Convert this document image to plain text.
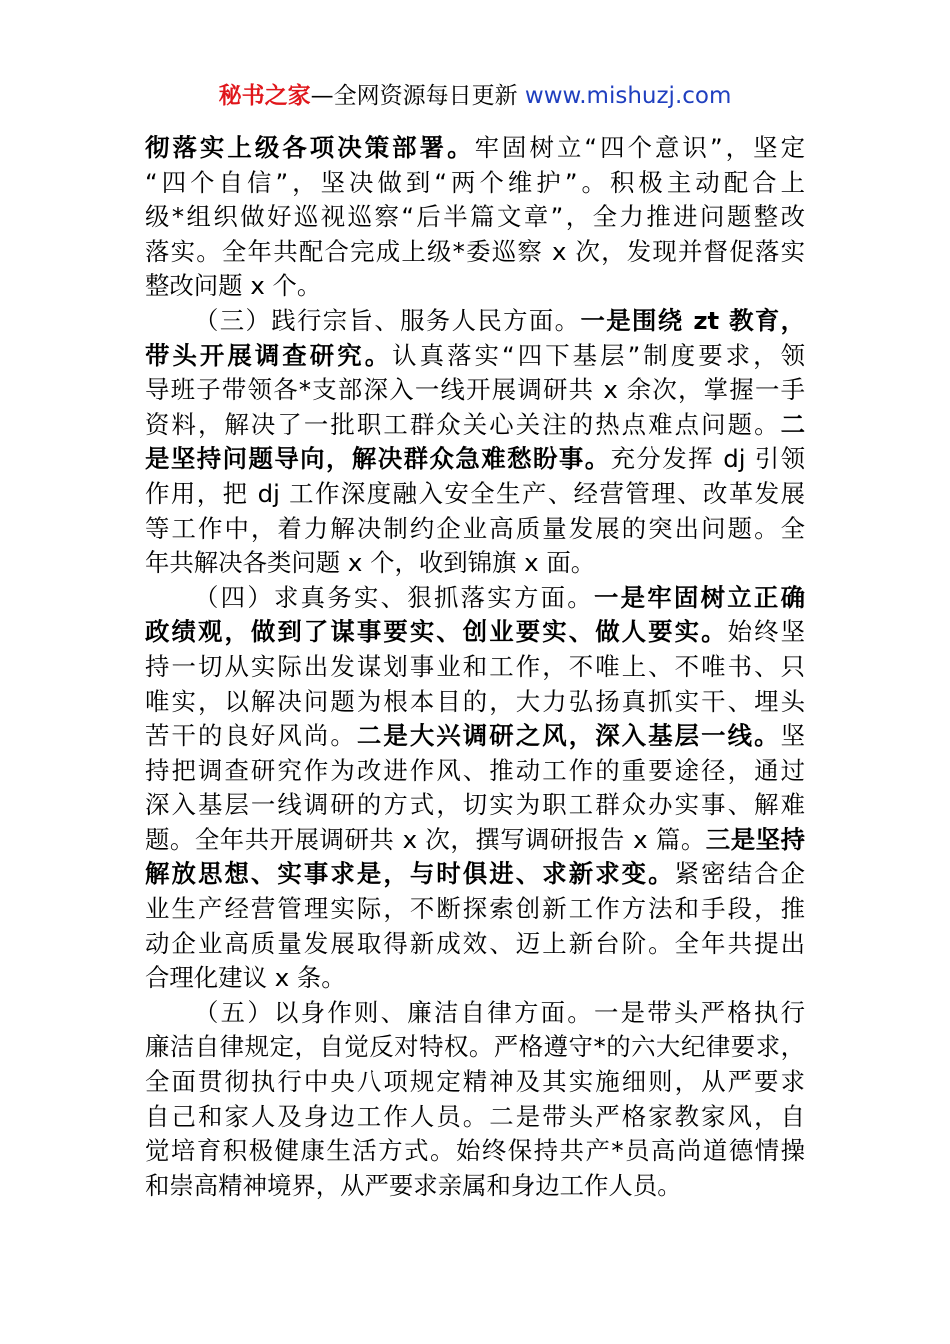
秘书之家—全网资源每日更新 www.mishuzj.com
彻落实上级各项决策部署。牢固树立“四个意识”，坚定
“四个自信”，坚决做到“两个维护”。积极主动配合上
级*组织做好巡视巡察“后半篇文章”，全力推进问题整改
落实。全年共配合完成上级*委巡察 x 次，发现并督促落实
整改问题 x 个。
（三）践行宗旨、服务人民方面。一是围绕 zt 教育，
带头开展调查研究。认真落实“四下基层”制度要求，领
导班子带领各*支部深入一线开展调研共 x 余次，掌握一手
资料，解决了一批职工群众关心关注的热点难点问题。二
是坚持问题导向，解决群众急难愁盼事。充分发挥 dj 引领
作用，把 dj 工作深度融入安全生产、经营管理、改革发展
等工作中，着力解决制约企业高质量发展的突出问题。全
年共解决各类问题 x 个，收到锦旗 x 面。
（四）求真务实、狠抓落实方面。一是牢固树立正确
政绩观，做到了谋事要实、创业要实、做人要实。始终坚
持一切从实际出发谋划事业和工作，不唯上、不唯书、只
唯实，以解决问题为根本目的，大力弘扬真抓实干、埋头
苦干的良好风尚。二是大兴调研之风，深入基层一线。坚
持把调查研究作为改进作风、推动工作的重要途径，通过
深入基层一线调研的方式，切实为职工群众办实事、解难
题。全年共开展调研共 x 次，撰写调研报告 x 篇。三是坚持
解放思想、实事求是，与时俱进、求新求变。紧密结合企
业生产经营管理实际，不断探索创新工作方法和手段，推
动企业高质量发展取得新成效、迈上新台阶。全年共提出
合理化建议 x 条。
（五）以身作则、廉洁自律方面。一是带头严格执行
廉洁自律规定，自觉反对特权。严格遵守*的六大纪律要求，
全面贯彻执行中央八项规定精神及其实施细则，从严要求
自己和家人及身边工作人员。二是带头严格家教家风，自
觉培育积极健康生活方式。始终保持共产*员高尚道德情操
和崇高精神境界，从严要求亲属和身边工作人员。
